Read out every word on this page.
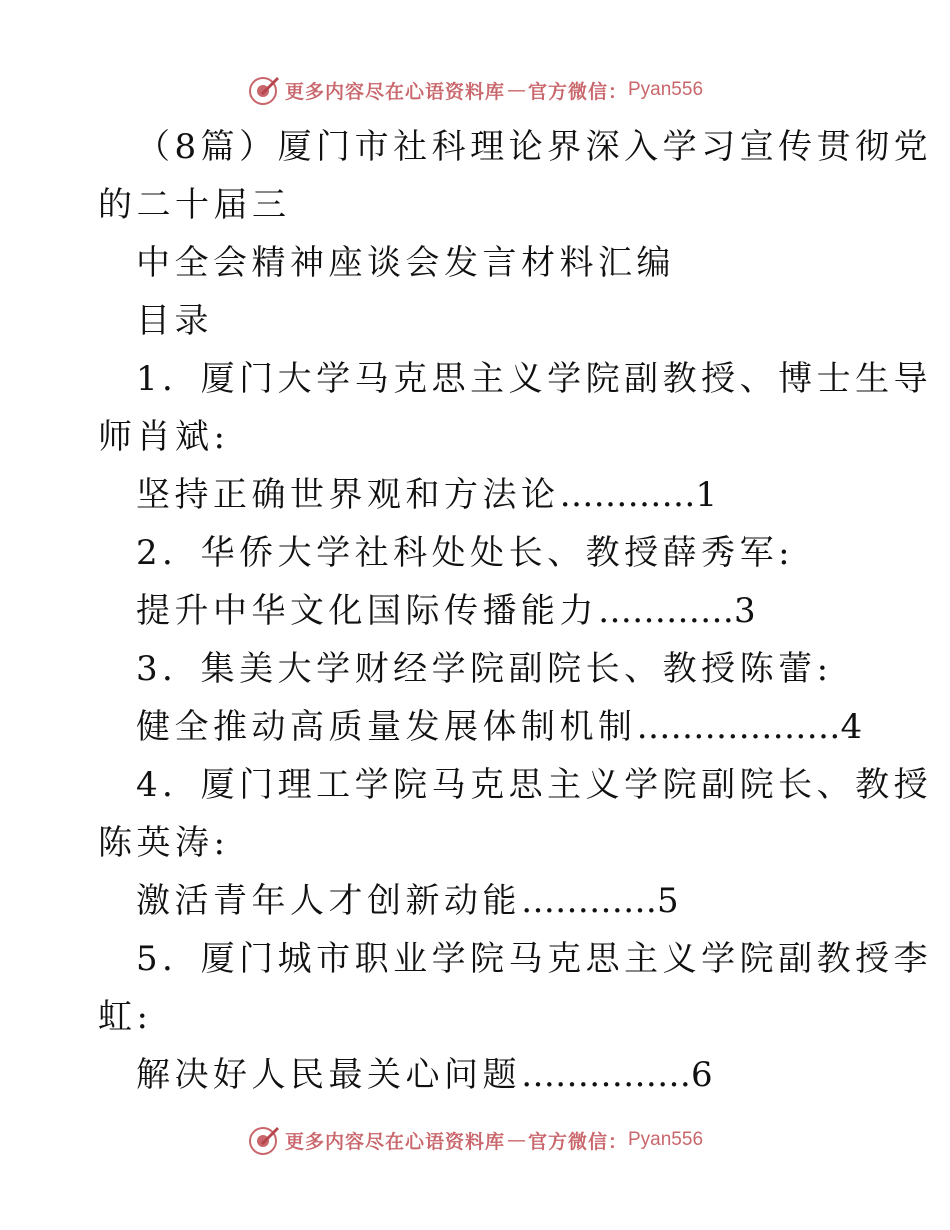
更多内容尽在心语资料库 — 官方微信： Pyan556
（8篇）厦门市社科理论界深入学习宣传贯彻党
的二十届三
中全会精神座谈会发言材料汇编
目录
1．厦门大学马克思主义学院副教授、博士生导
师肖斌:
坚持正确世界观和方法论…………1
2．华侨大学社科处处长、教授薛秀军:
提升中华文化国际传播能力…………3
3．集美大学财经学院副院长、教授陈蕾:
健全推动高质量发展体制机制………………4
4．厦门理工学院马克思主义学院副院长、教授
陈英涛:
激活青年人才创新动能…………5
5．厦门城市职业学院马克思主义学院副教授李
虹:
解决好人民最关心问题……………6
更多内容尽在心语资料库 — 官方微信： Pyan556
